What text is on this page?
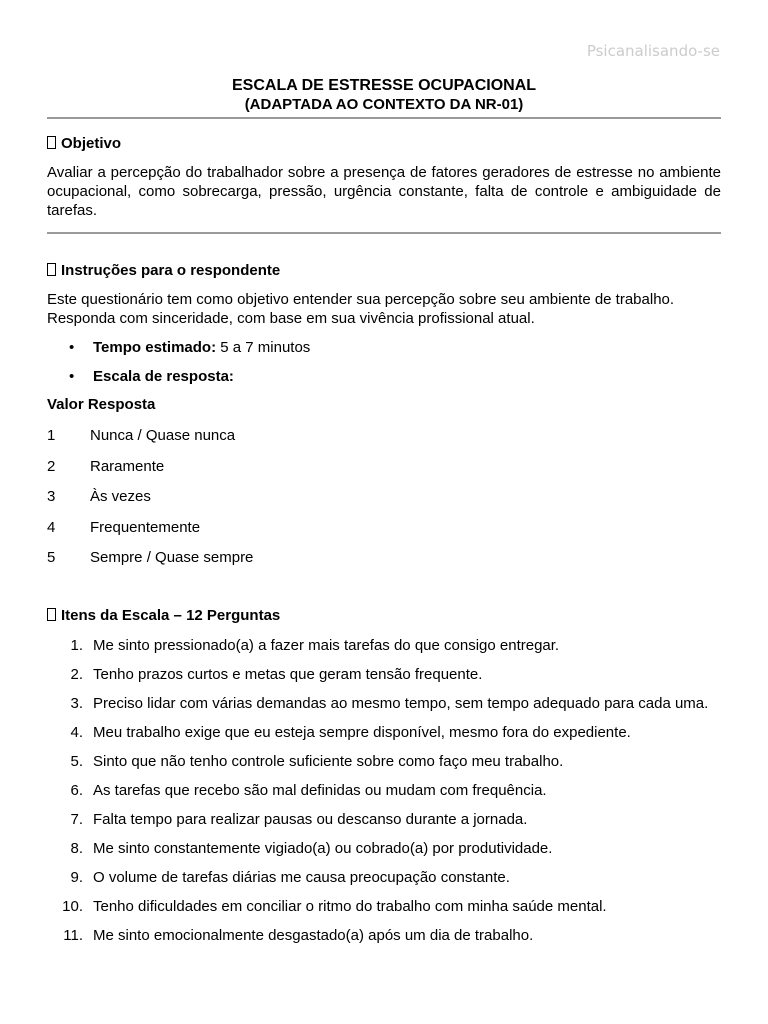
Psicanalisando-se
ESCALA DE ESTRESSE OCUPACIONAL
(ADAPTADA AO CONTEXTO DA NR-01)
Objetivo
Avaliar a percepção do trabalhador sobre a presença de fatores geradores de estresse no ambiente ocupacional, como sobrecarga, pressão, urgência constante, falta de controle e ambiguidade de tarefas.
Instruções para o respondente
Este questionário tem como objetivo entender sua percepção sobre seu ambiente de trabalho.
Responda com sinceridade, com base em sua vivência profissional atual.
• Tempo estimado: 5 a 7 minutos
• Escala de resposta:
Valor Resposta
1 Nunca / Quase nunca
2 Raramente
3 Às vezes
4 Frequentemente
5 Sempre / Quase sempre
Itens da Escala – 12 Perguntas
1. Me sinto pressionado(a) a fazer mais tarefas do que consigo entregar.
2. Tenho prazos curtos e metas que geram tensão frequente.
3. Preciso lidar com várias demandas ao mesmo tempo, sem tempo adequado para cada uma.
4. Meu trabalho exige que eu esteja sempre disponível, mesmo fora do expediente.
5. Sinto que não tenho controle suficiente sobre como faço meu trabalho.
6. As tarefas que recebo são mal definidas ou mudam com frequência.
7. Falta tempo para realizar pausas ou descanso durante a jornada.
8. Me sinto constantemente vigiado(a) ou cobrado(a) por produtividade.
9. O volume de tarefas diárias me causa preocupação constante.
10. Tenho dificuldades em conciliar o ritmo do trabalho com minha saúde mental.
11. Me sinto emocionalmente desgastado(a) após um dia de trabalho.
